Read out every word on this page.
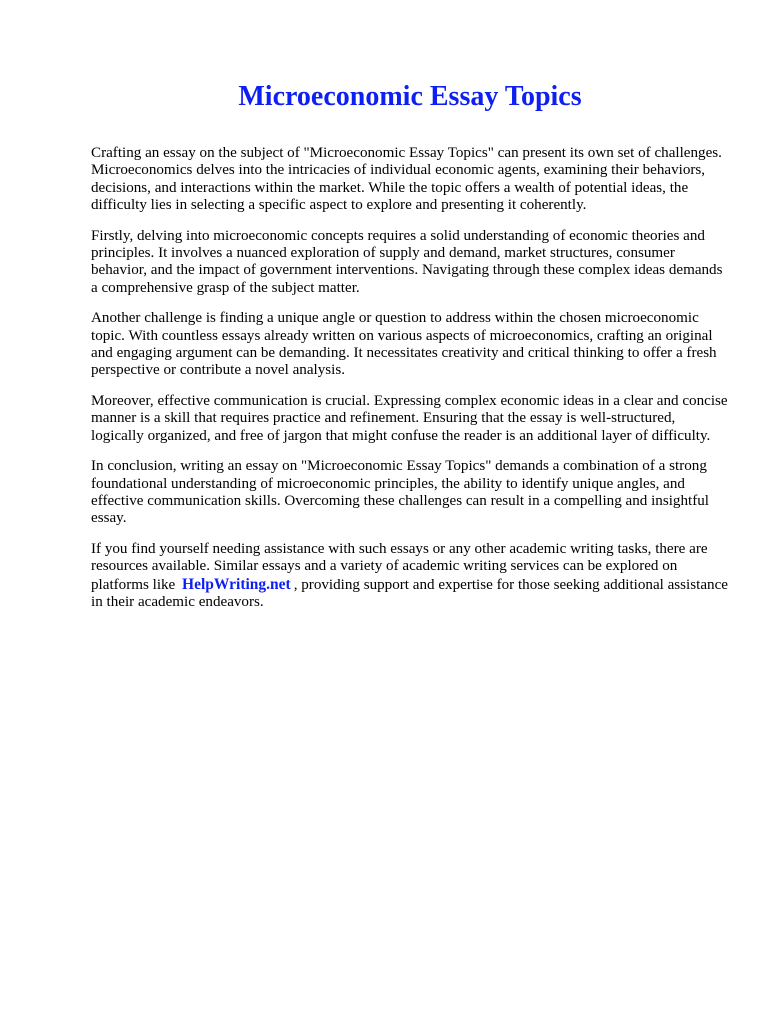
Microeconomic Essay Topics

Crafting an essay on the subject of "Microeconomic Essay Topics" can present its own set of challenges. Microeconomics delves into the intricacies of individual economic agents, examining their behaviors, decisions, and interactions within the market. While the topic offers a wealth of potential ideas, the difficulty lies in selecting a specific aspect to explore and presenting it coherently.

Firstly, delving into microeconomic concepts requires a solid understanding of economic theories and principles. It involves a nuanced exploration of supply and demand, market structures, consumer behavior, and the impact of government interventions. Navigating through these complex ideas demands a comprehensive grasp of the subject matter.

Another challenge is finding a unique angle or question to address within the chosen microeconomic topic. With countless essays already written on various aspects of microeconomics, crafting an original and engaging argument can be demanding. It necessitates creativity and critical thinking to offer a fresh perspective or contribute a novel analysis.

Moreover, effective communication is crucial. Expressing complex economic ideas in a clear and concise manner is a skill that requires practice and refinement. Ensuring that the essay is well-structured, logically organized, and free of jargon that might confuse the reader is an additional layer of difficulty.

In conclusion, writing an essay on "Microeconomic Essay Topics" demands a combination of a strong foundational understanding of microeconomic principles, the ability to identify unique angles, and effective communication skills. Overcoming these challenges can result in a compelling and insightful essay.

If you find yourself needing assistance with such essays or any other academic writing tasks, there are resources available. Similar essays and a variety of academic writing services can be explored on platforms like HelpWriting.net , providing support and expertise for those seeking additional assistance in their academic endeavors.
